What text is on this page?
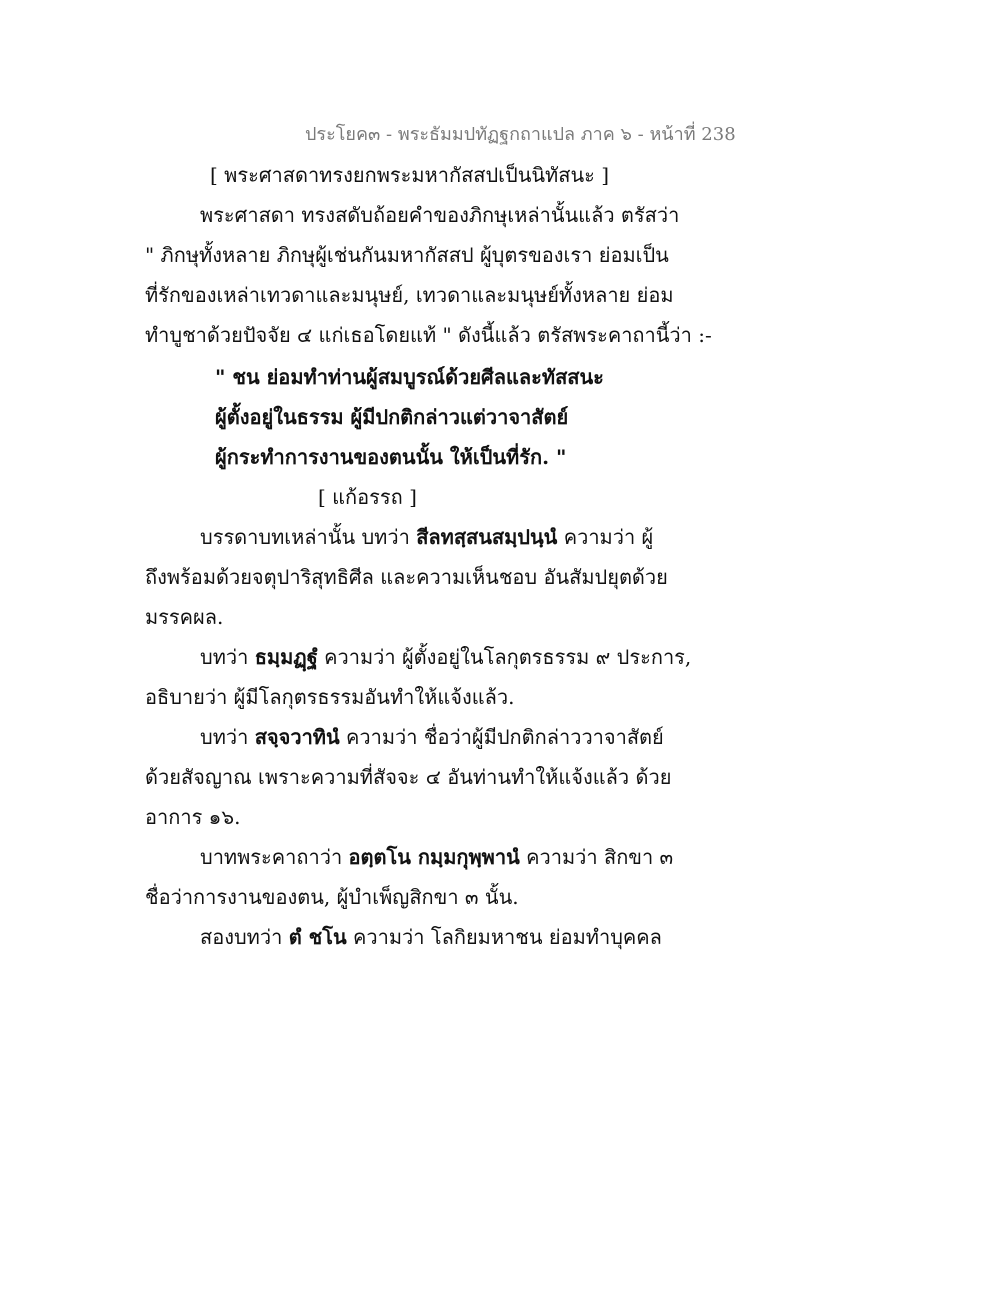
ประโยค๓ - พระธัมมปทัฏฐกถาแปล ภาค ๖ - หน้าที่ 238
[ พระศาสดาทรงยกพระมหากัสสปเป็นนิทัสนะ ]
พระศาสดา ทรงสดับถ้อยคำของภิกษุเหล่านั้นแล้ว ตรัสว่า
" ภิกษุทั้งหลาย ภิกษุผู้เช่นกันมหากัสสป ผู้บุตรของเรา ย่อมเป็น
ที่รักของเหล่าเทวดาและมนุษย์, เทวดาและมนุษย์ทั้งหลาย ย่อม
ทำบูชาด้วยปัจจัย ๔ แก่เธอโดยแท้ " ดังนี้แล้ว ตรัสพระคาถานี้ว่า :-
" ชน ย่อมทำท่านผู้สมบูรณ์ด้วยศีลและทัสสนะ
ผู้ตั้งอยู่ในธรรม ผู้มีปกติกล่าวแต่วาจาสัตย์
ผู้กระทำการงานของตนนั้น ให้เป็นที่รัก. "
[ แก้อรรถ ]
บรรดาบทเหล่านั้น บทว่า สีลทสฺสนสมฺปนฺนํ ความว่า ผู้
ถึงพร้อมด้วยจตุปาริสุทธิศีล และความเห็นชอบ อันสัมปยุตด้วย
มรรคผล.
บทว่า ธมฺมฏฺฐํ ความว่า ผู้ตั้งอยู่ในโลกุตรธรรม ๙ ประการ,
อธิบายว่า ผู้มีโลกุตรธรรมอันทำให้แจ้งแล้ว.
บทว่า สจฺจวาทินํ ความว่า ชื่อว่าผู้มีปกติกล่าววาจาสัตย์
ด้วยสัจญาณ เพราะความที่สัจจะ ๔ อันท่านทำให้แจ้งแล้ว ด้วย
อาการ ๑๖.
บาทพระคาถาว่า อตฺตโน กมฺมกุพฺพานํ ความว่า สิกขา ๓
ชื่อว่าการงานของตน, ผู้บำเพ็ญสิกขา ๓ นั้น.
สองบทว่า ตํ ชโน ความว่า โลกิยมหาชน ย่อมทำบุคคล
